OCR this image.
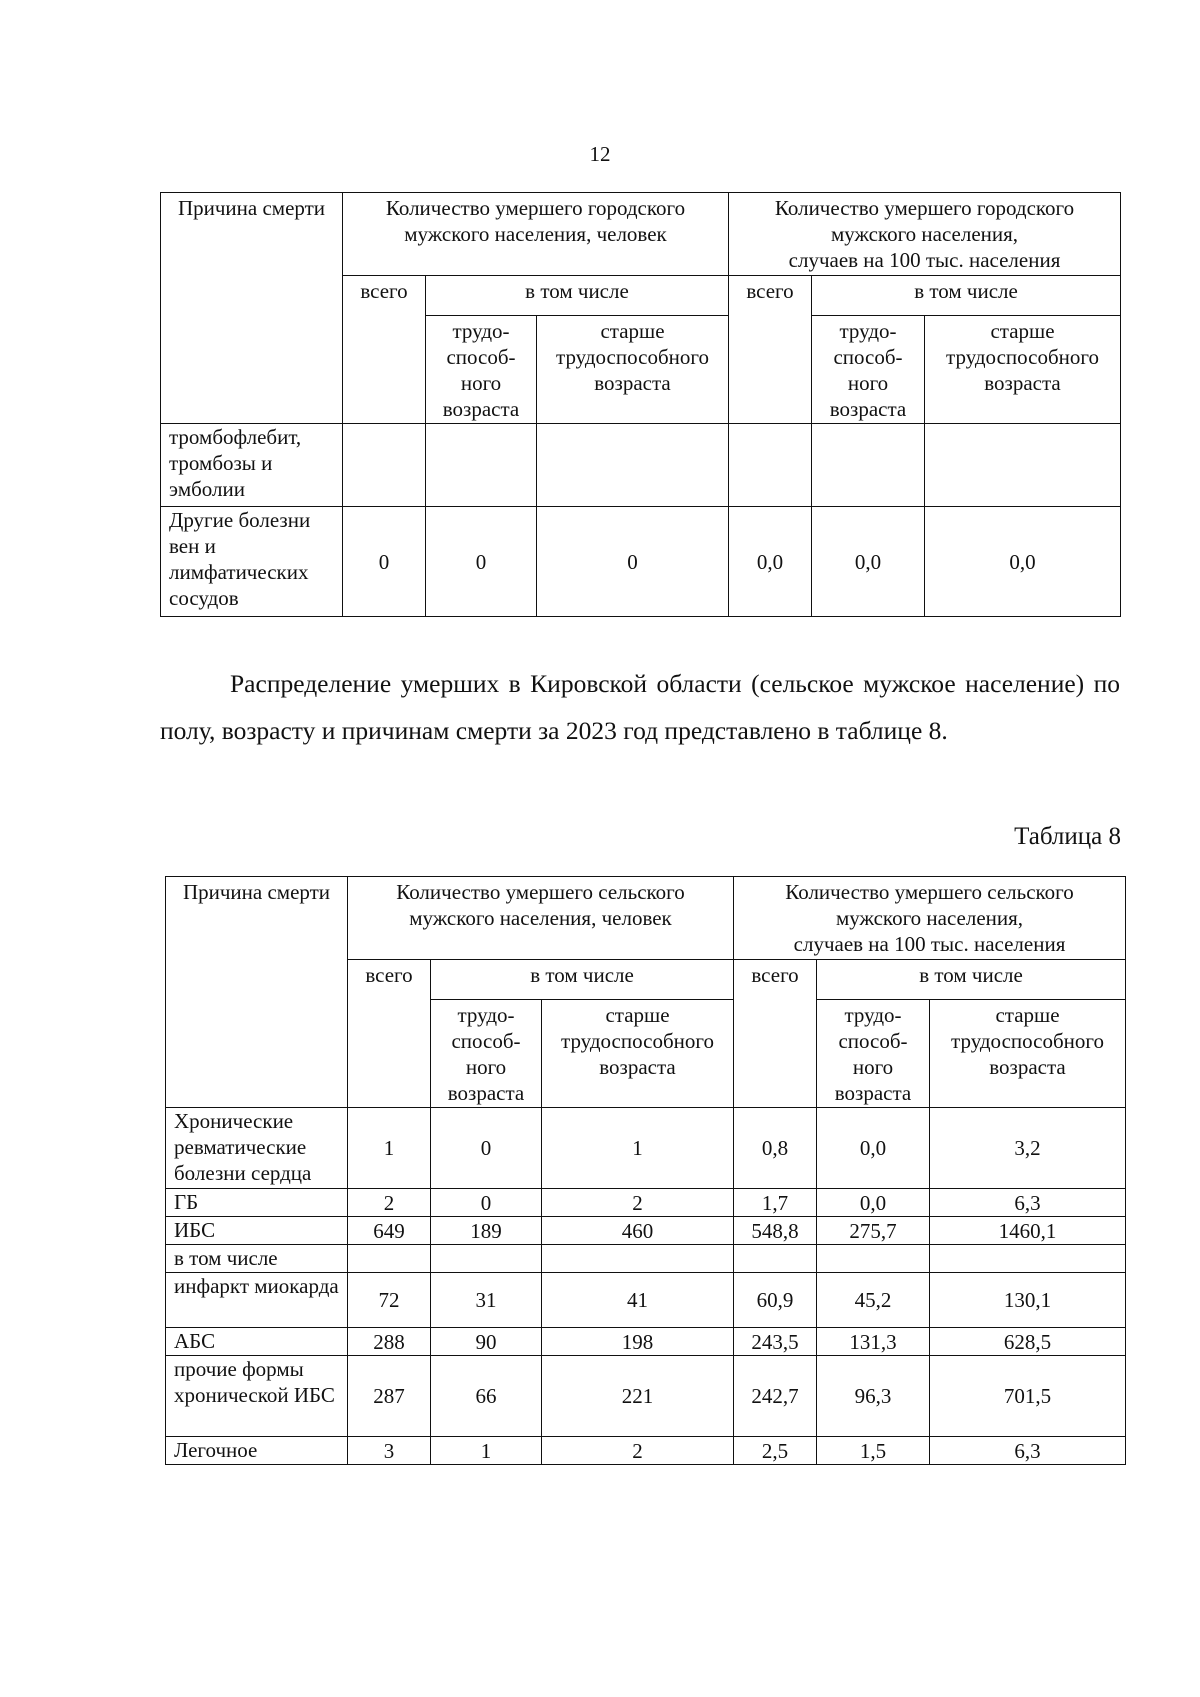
12
Причина смерти	Количество умершего городского мужского населения, человек			Количество умершего городского
мужского населения,
случаев на 100 тыс. населения		
	всего	в том числе		всего	в том числе	
		трудо-способ-ного возраста	старше трудоспособного возраста		трудо-способ-ного возраста	старше трудоспособного возраста
тромбофлебит, тромбозы и эмболии						
Другие болезни вен и лимфатических сосудов	0	0	0	0,0	0,0	0,0
Распределение умерших в Кировской области (сельское мужское население) по полу, возрасту и причинам смерти за 2023 год представлено в таблице 8.
Таблица 8
Причина смерти	Количество умершего сельского мужского населения, человек			Количество умершего сельского
мужского населения,
случаев на 100 тыс. населения		
	всего	в том числе		всего	в том числе	
		трудо-способ-ного возраста	старше трудоспособного возраста		трудо-способ-ного возраста	старше трудоспособного возраста
Хронические ревматические болезни сердца	1	0	1	0,8	0,0	3,2
ГБ	2	0	2	1,7	0,0	6,3
ИБС	649	189	460	548,8	275,7	1460,1
в том числе						
инфаркт миокарда	72	31	41	60,9	45,2	130,1
АБС	288	90	198	243,5	131,3	628,5
прочие формы хронической ИБС	287	66	221	242,7	96,3	701,5
Легочное	3	1	2	2,5	1,5	6,3
